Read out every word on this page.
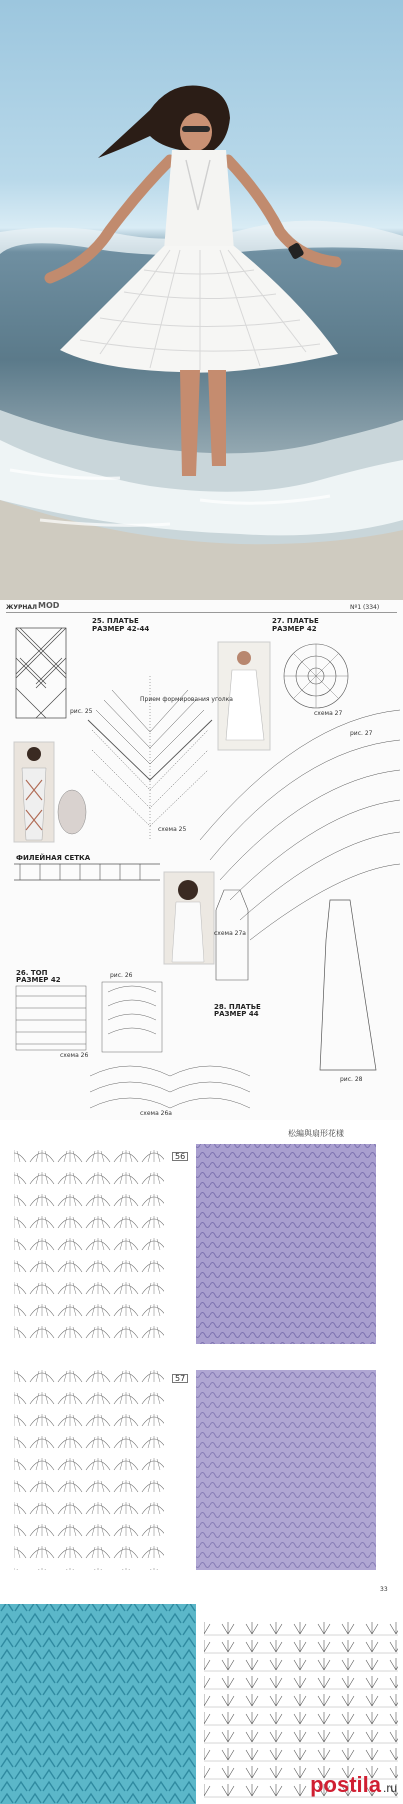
ЖУРНАЛ MOD	Nº1 (334)
25. ПЛАТЬЕ
РАЗМЕР 42-44
рис. 25
Прием формирования уголка
схема 25
27. ПЛАТЬЕ
РАЗМЕР 42
рис. 27
схема 27
схема 27а
ФИЛЕЙНАЯ СЕТКА
26. ТОП
РАЗМЕР 42
рис. 26
схема 26
схема 26а
28. ПЛАТЬЕ
РАЗМЕР 44
рис. 28
松編與扇形花樣
56
57
33
postila .ru
